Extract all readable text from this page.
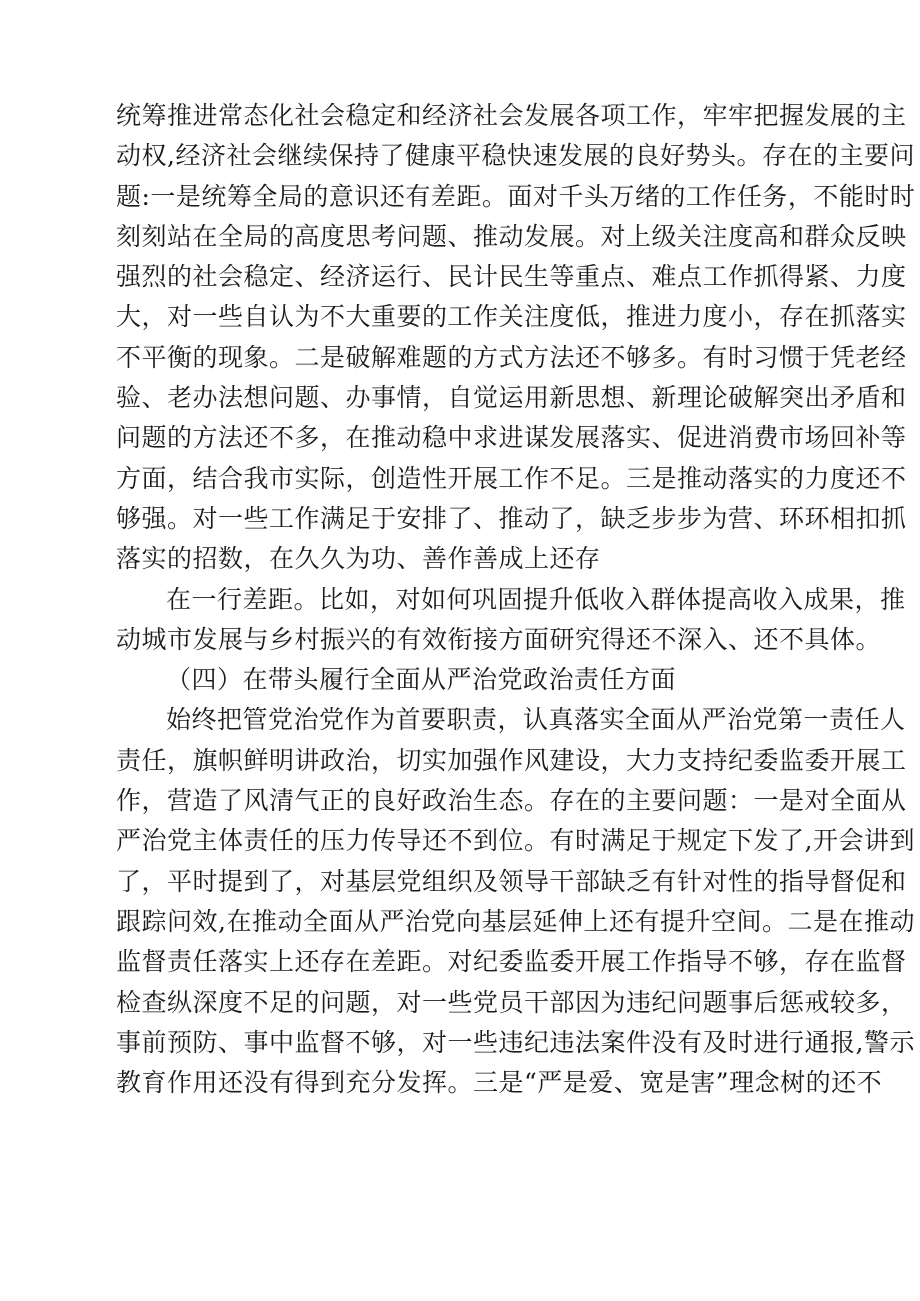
统筹推进常态化社会稳定和经济社会发展各项工作，牢牢把握发展的主
动权,经济社会继续保持了健康平稳快速发展的良好势头。存在的主要问
题:一是统筹全局的意识还有差距。面对千头万绪的工作任务，不能时时
刻刻站在全局的高度思考问题、推动发展。对上级关注度高和群众反映
强烈的社会稳定、经济运行、民计民生等重点、难点工作抓得紧、力度
大，对一些自认为不大重要的工作关注度低，推进力度小，存在抓落实
不平衡的现象。二是破解难题的方式方法还不够多。有时习惯于凭老经
验、老办法想问题、办事情，自觉运用新思想、新理论破解突出矛盾和
问题的方法还不多，在推动稳中求进谋发展落实、促进消费市场回补等
方面，结合我市实际，创造性开展工作不足。三是推动落实的力度还不
够强。对一些工作满足于安排了、推动了，缺乏步步为营、环环相扣抓
落实的招数，在久久为功、善作善成上还存
在一行差距。比如，对如何巩固提升低收入群体提高收入成果，推
动城市发展与乡村振兴的有效衔接方面研究得还不深入、还不具体。
（四）在带头履行全面从严治党政治责任方面
始终把管党治党作为首要职责，认真落实全面从严治党第一责任人
责任，旗帜鲜明讲政治，切实加强作风建设，大力支持纪委监委开展工
作，营造了风清气正的良好政治生态。存在的主要问题：一是对全面从
严治党主体责任的压力传导还不到位。有时满足于规定下发了,开会讲到
了，平时提到了，对基层党组织及领导干部缺乏有针对性的指导督促和
跟踪问效,在推动全面从严治党向基层延伸上还有提升空间。二是在推动
监督责任落实上还存在差距。对纪委监委开展工作指导不够，存在监督
检查纵深度不足的问题，对一些党员干部因为违纪问题事后惩戒较多，
事前预防、事中监督不够，对一些违纪违法案件没有及时进行通报,警示
教育作用还没有得到充分发挥。三是“严是爱、宽是害”理念树的还不
